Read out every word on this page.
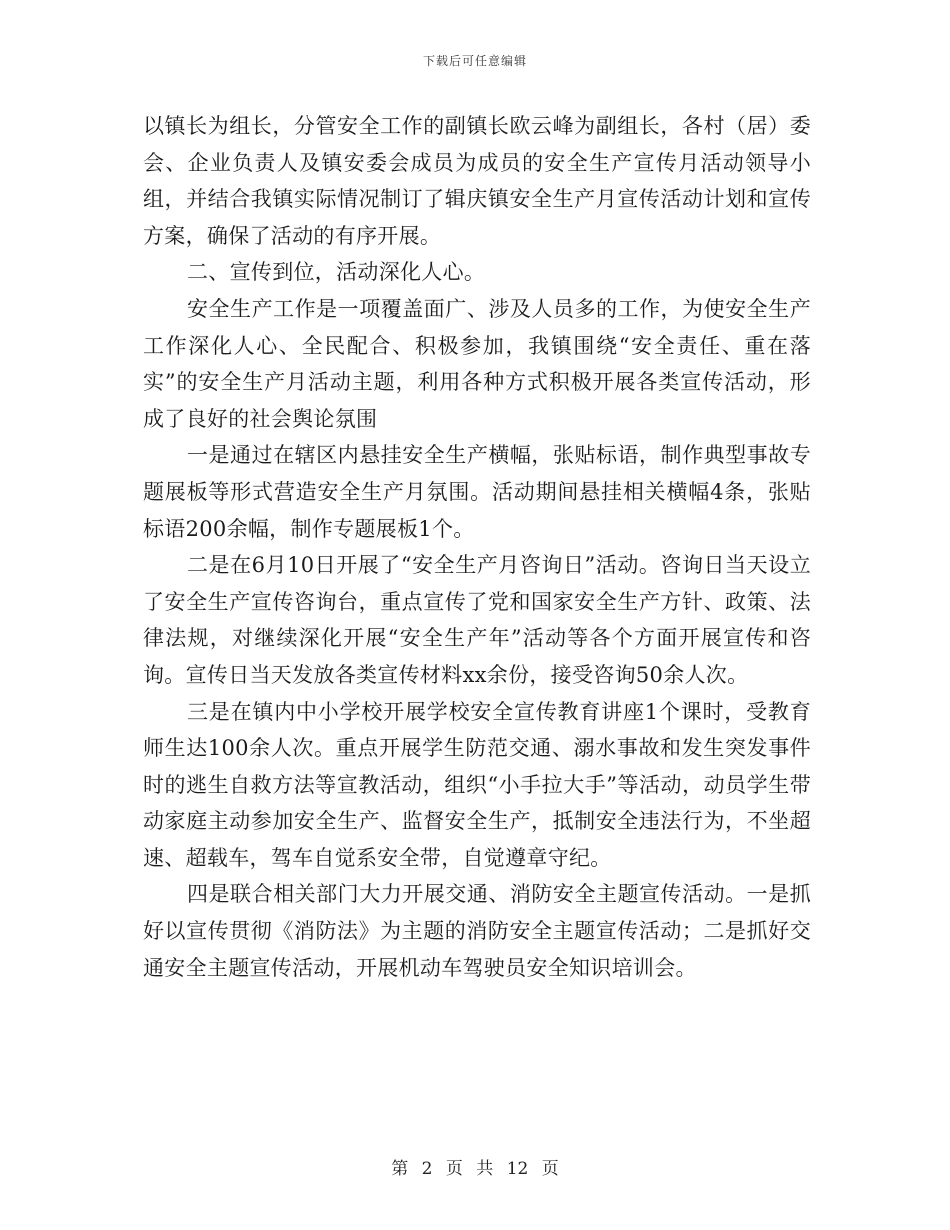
下载后可任意编辑

以镇长为组长，分管安全工作的副镇长欧云峰为副组长，各村（居）委会、企业负责人及镇安委会成员为成员的安全生产宣传月活动领导小组，并结合我镇实际情况制订了辑庆镇安全生产月宣传活动计划和宣传方案，确保了活动的有序开展。

二、宣传到位，活动深化人心。

安全生产工作是一项覆盖面广、涉及人员多的工作，为使安全生产工作深化人心、全民配合、积极参加，我镇围绕“安全责任、重在落实”的安全生产月活动主题，利用各种方式积极开展各类宣传活动，形成了良好的社会舆论氛围

一是通过在辖区内悬挂安全生产横幅，张贴标语，制作典型事故专题展板等形式营造安全生产月氛围。活动期间悬挂相关横幅4条，张贴标语200余幅，制作专题展板1个。

二是在6月10日开展了“安全生产月咨询日”活动。咨询日当天设立了安全生产宣传咨询台，重点宣传了党和国家安全生产方针、政策、法律法规，对继续深化开展“安全生产年”活动等各个方面开展宣传和咨询。宣传日当天发放各类宣传材料xx余份，接受咨询50余人次。

三是在镇内中小学校开展学校安全宣传教育讲座1个课时，受教育师生达100余人次。重点开展学生防范交通、溺水事故和发生突发事件时的逃生自救方法等宣教活动，组织“小手拉大手”等活动，动员学生带动家庭主动参加安全生产、监督安全生产，抵制安全违法行为，不坐超速、超载车，驾车自觉系安全带，自觉遵章守纪。

四是联合相关部门大力开展交通、消防安全主题宣传活动。一是抓好以宣传贯彻《消防法》为主题的消防安全主题宣传活动；二是抓好交通安全主题宣传活动，开展机动车驾驶员安全知识培训会。

第 2 页 共 12 页
